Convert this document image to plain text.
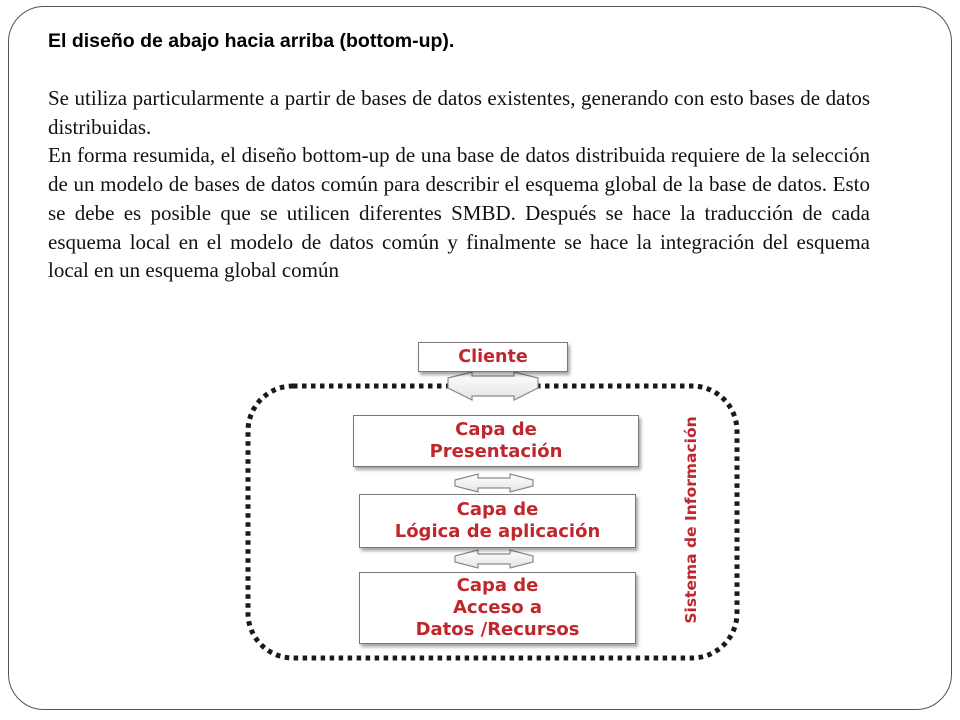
El diseño de abajo hacia arriba (bottom-up).

Se utiliza particularmente a partir de bases de datos existentes, generando con esto bases de datos distribuidas.

En forma resumida, el diseño bottom-up de una base de datos distribuida requiere de la selección de un modelo de bases de datos común para describir el esquema global de la base de datos. Esto se debe es posible que se utilicen diferentes SMBD. Después se hace la traducción de cada esquema local en el modelo de datos común y finalmente se hace la integración del esquema local en un esquema global común

Cliente
Capa de
Presentación
Capa de
Lógica de aplicación
Capa de
Acceso a
Datos /Recursos
Sistema de Información
